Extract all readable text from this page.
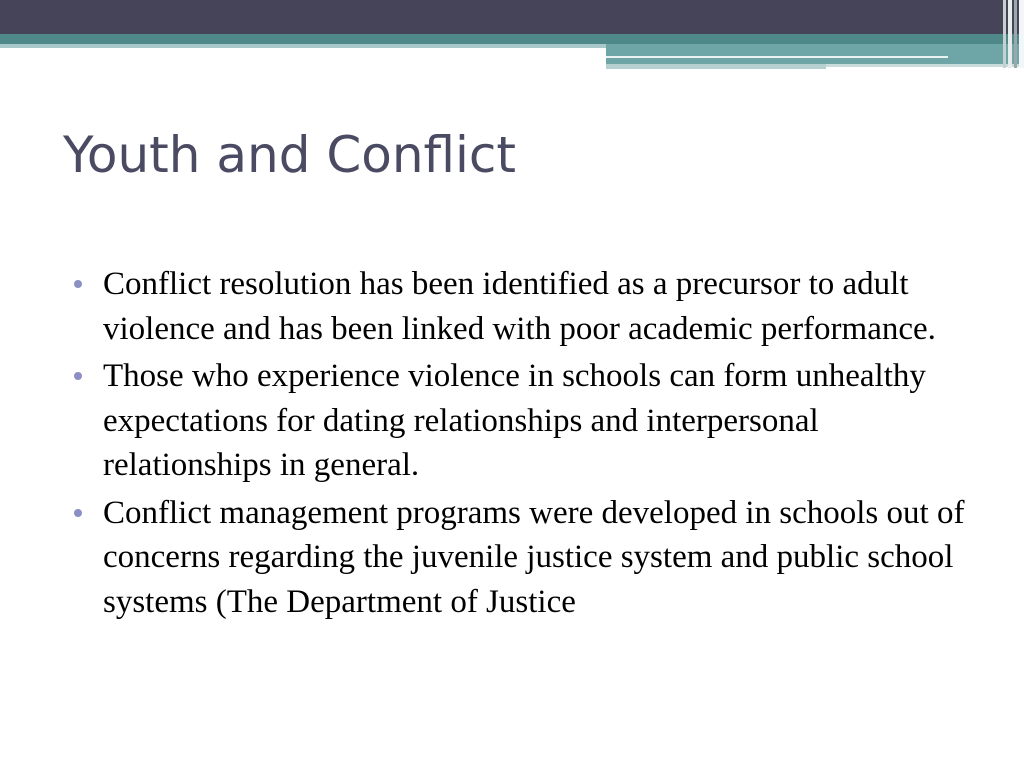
Youth and Conflict
Conflict resolution has been identified as a precursor to adult violence and has been linked with poor academic performance.
Those who experience violence in schools can form unhealthy expectations for dating relationships and interpersonal relationships in general.
Conflict management programs were developed in schools out of concerns regarding the juvenile justice system and public school systems (The Department of Justice
